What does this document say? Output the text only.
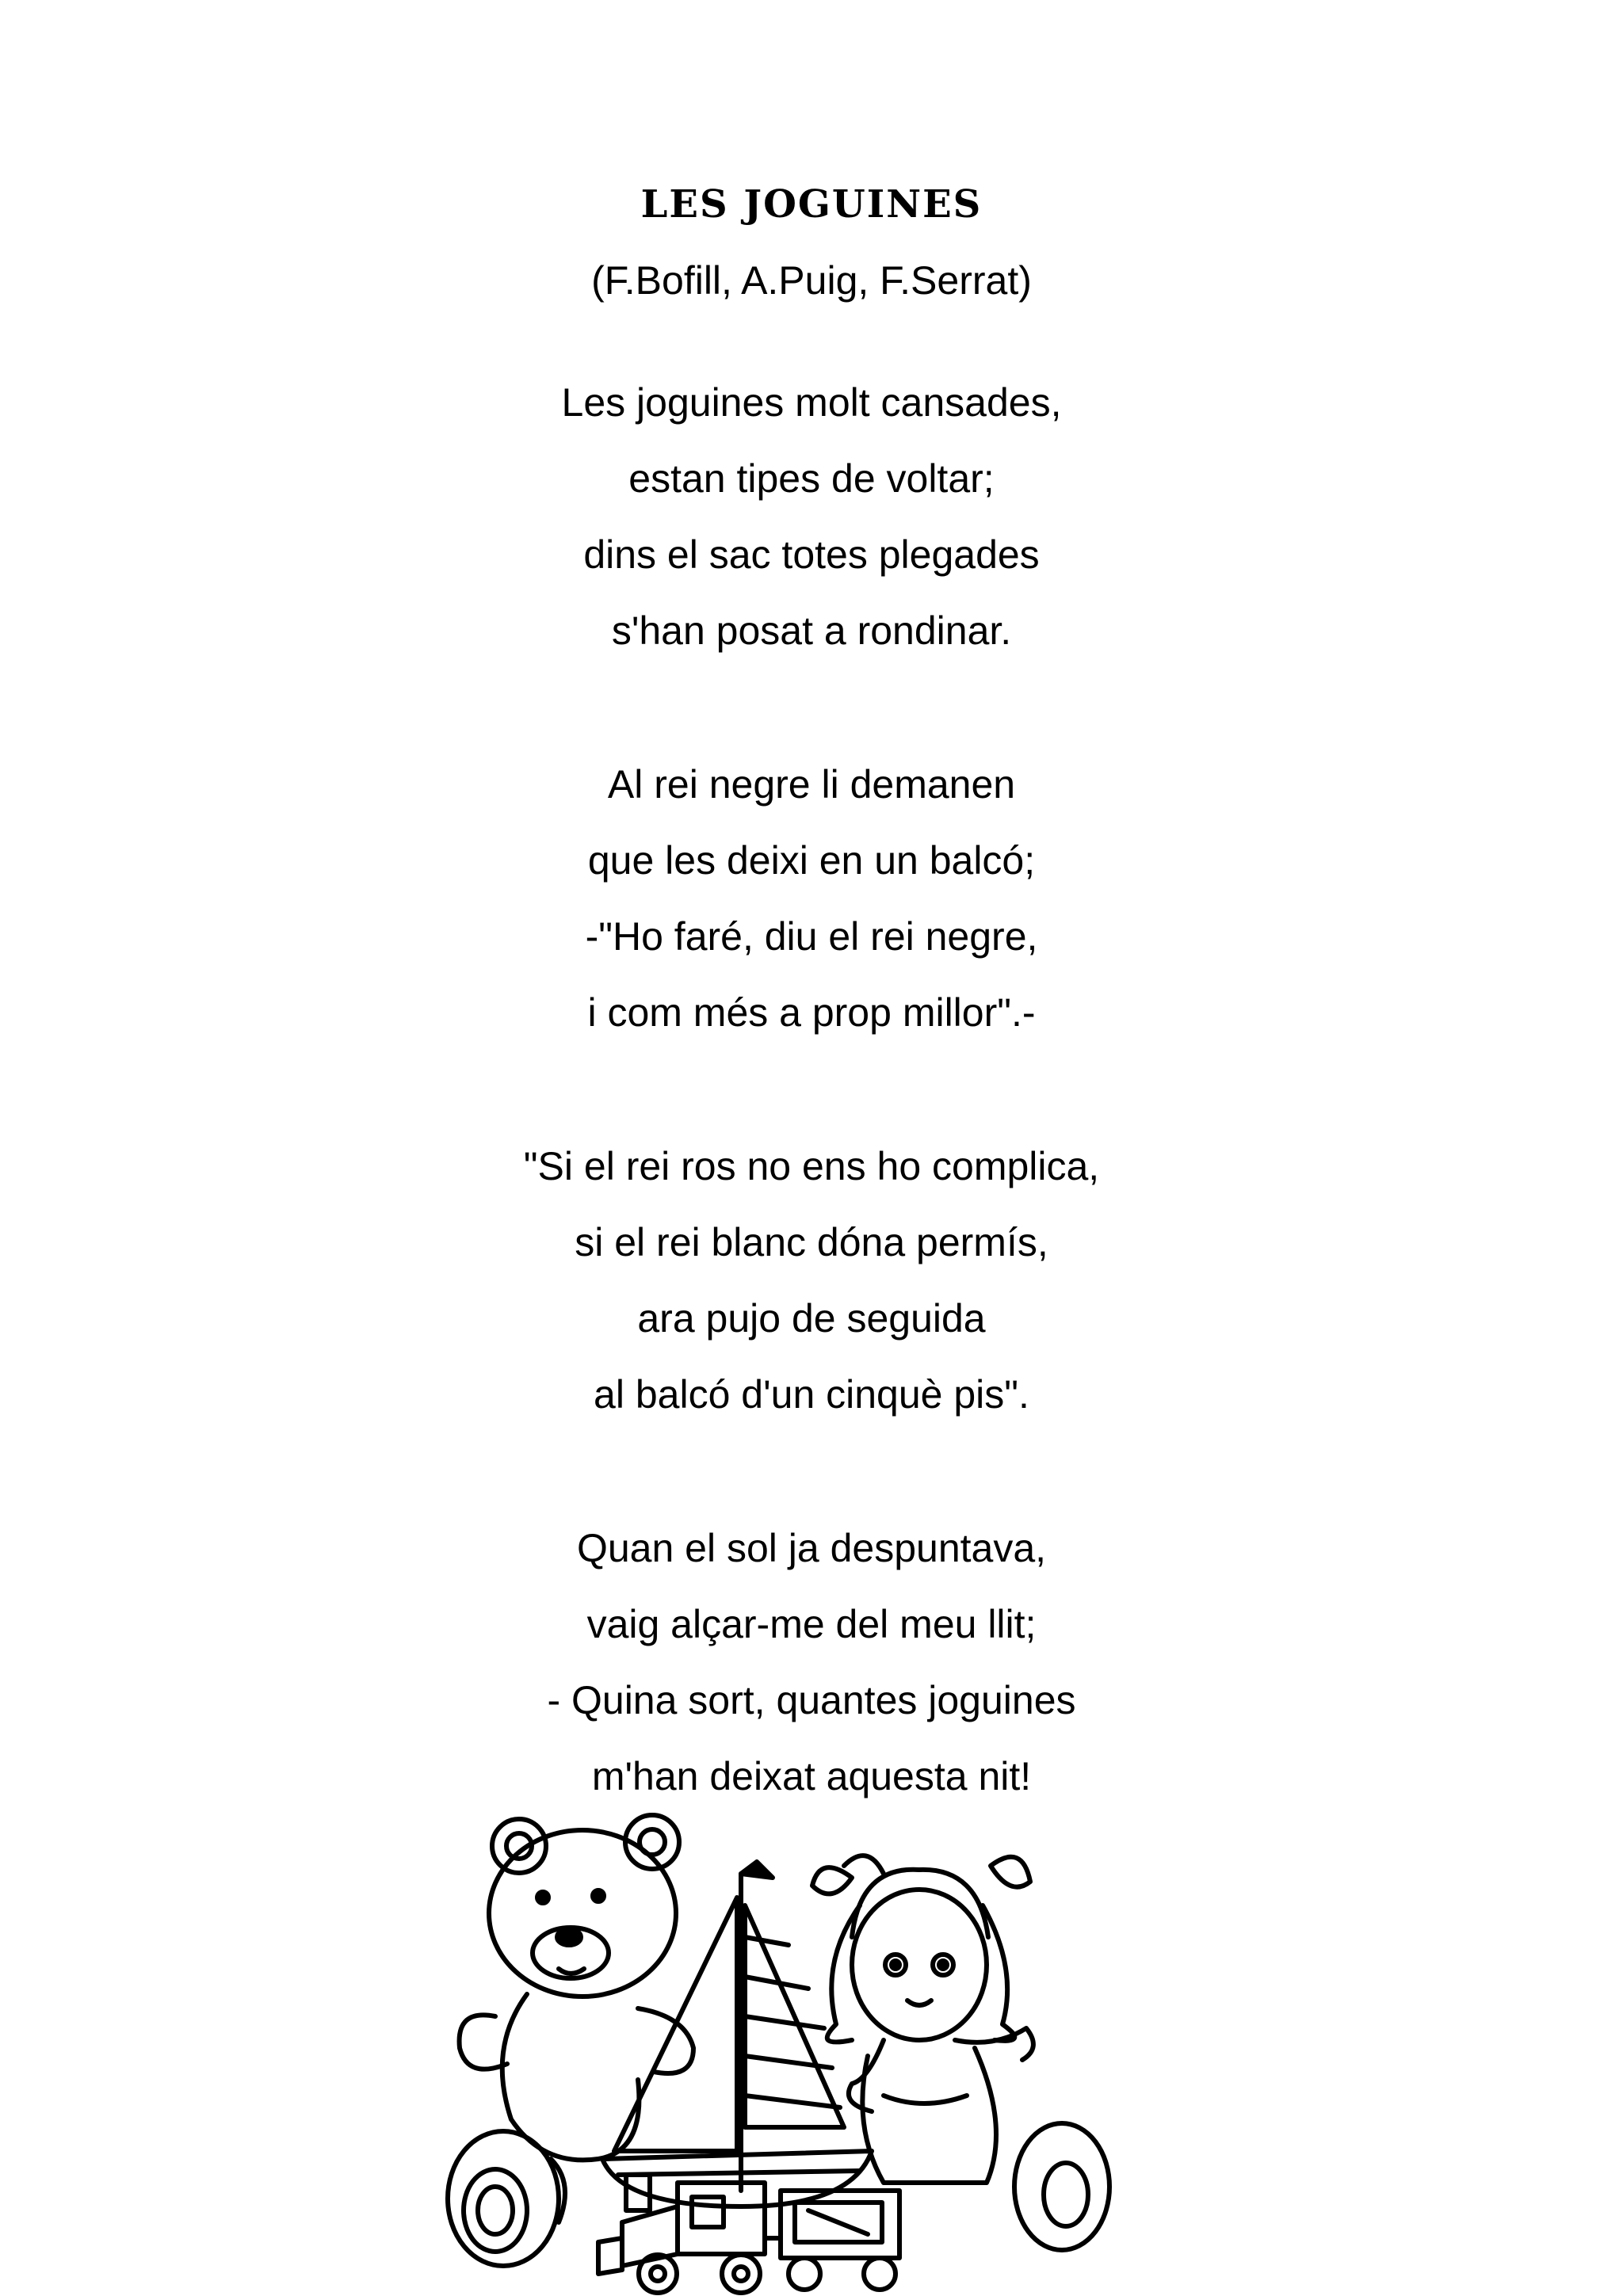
LES JOGUINES
(F.Bofill, A.Puig, F.Serrat)
Les joguines molt cansades,
estan tipes de voltar;
dins el sac totes plegades
s'han posat a rondinar.
Al rei negre li demanen
que les deixi en un balcó;
-"Ho faré, diu el rei negre,
i com més a prop millor".-
"Si el rei ros no ens ho complica,
si el rei blanc dóna permís,
ara pujo de seguida
al balcó d'un cinquè pis".
Quan el sol ja despuntava,
vaig alçar-me del meu llit;
- Quina sort, quantes joguines
m'han deixat aquesta nit!
